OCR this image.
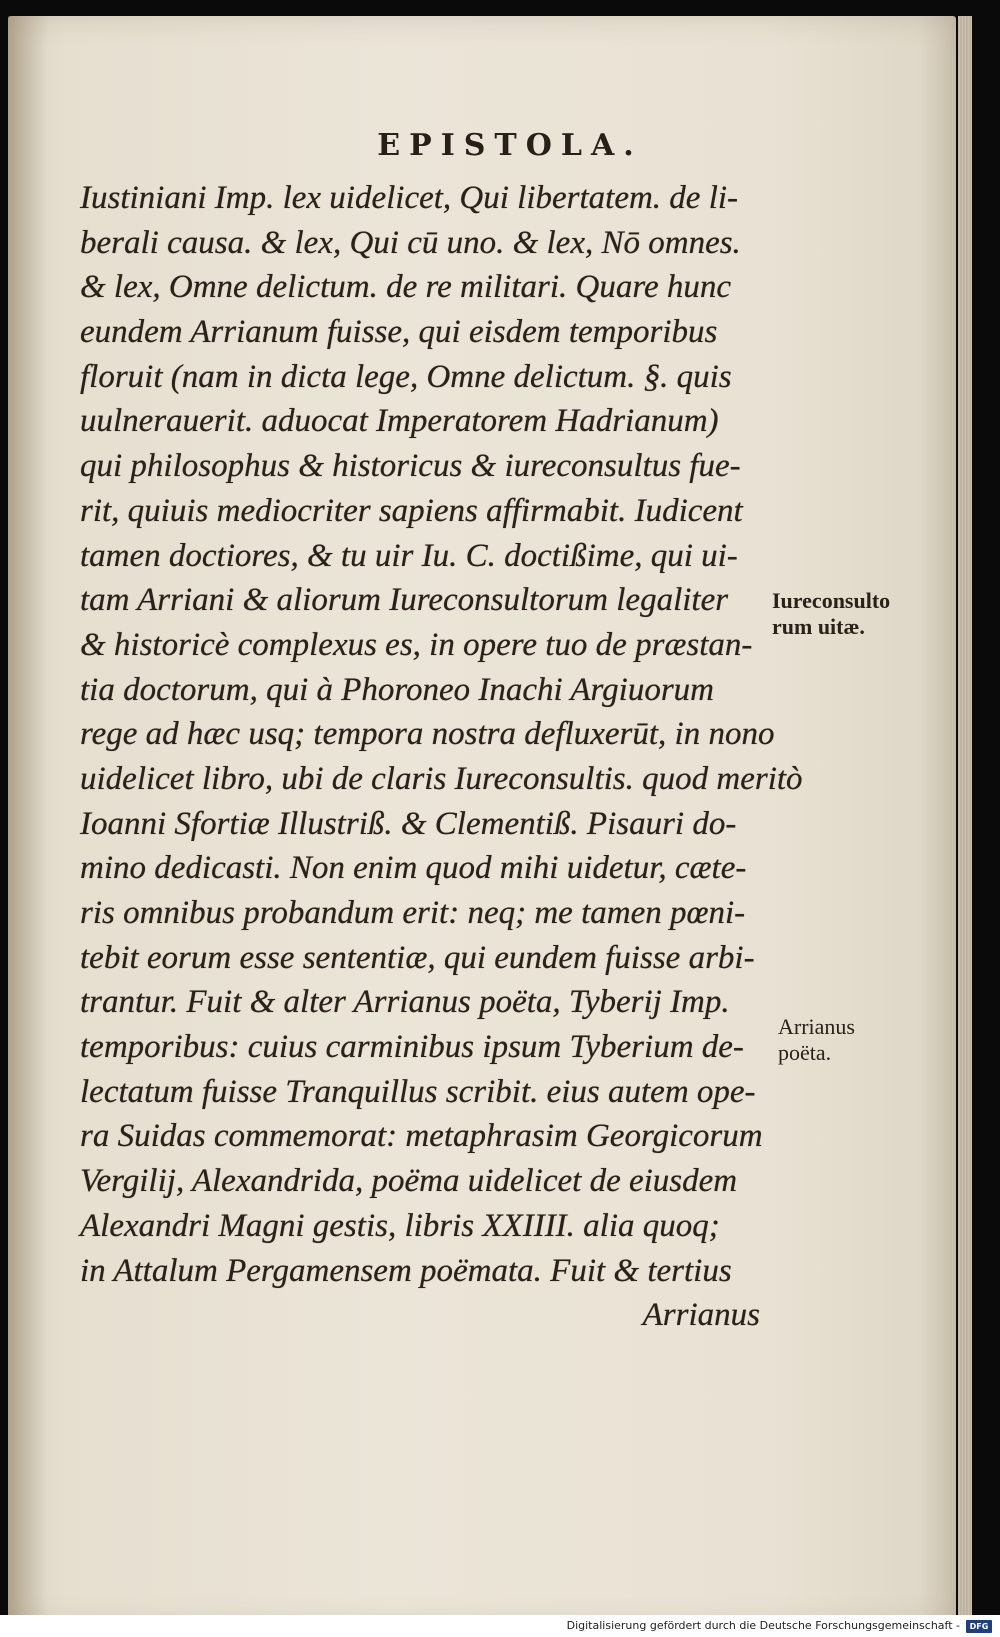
EPISTOLA.
Iustiniani Imp. lex uidelicet, Qui libertatem. de li-
berali causa. & lex, Qui cū uno. & lex, Nō omnes.
& lex, Omne delictum. de re militari. Quare hunc
eundem Arrianum fuisse, qui eisdem temporibus
floruit (nam in dicta lege, Omne delictum. §. quis
uulnerauerit. aduocat Imperatorem Hadrianum)
qui philosophus & historicus & iureconsultus fue-
rit, quiuis mediocriter sapiens affirmabit. Iudicent
tamen doctiores, & tu uir Iu. C. doctißime, qui ui-
tam Arriani & aliorum Iureconsultorum legaliter
& historicè complexus es, in opere tuo de præstan-
tia doctorum, qui à Phoroneo Inachi Argiuorum
rege ad hæc usq; tempora nostra defluxerūt, in nono
uidelicet libro, ubi de claris Iureconsultis. quod meritò
Ioanni Sfortiæ Illustriß. & Clementiß. Pisauri do-
mino dedicasti. Non enim quod mihi uidetur, cæte-
ris omnibus probandum erit: neq; me tamen pœni-
tebit eorum esse sententiæ, qui eundem fuisse arbi-
trantur. Fuit & alter Arrianus poëta, Tyberij Imp.
temporibus: cuius carminibus ipsum Tyberium de-
lectatum fuisse Tranquillus scribit. eius autem ope-
ra Suidas commemorat: metaphrasim Georgicorum
Vergilij, Alexandrida, poëma uidelicet de eiusdem
Alexandri Magni gestis, libris XXIIII. alia quoq;
in Attalum Pergamensem poëmata. Fuit & tertius
Arrianus
Iureconsulto
rum uitæ.
Arrianus
poëta.
Digitalisierung gefördert durch die Deutsche Forschungsgemeinschaft - DFG
